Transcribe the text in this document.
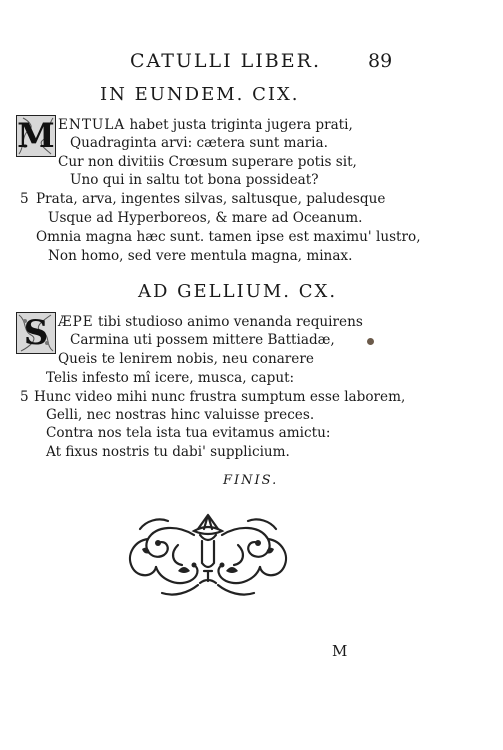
CATULLI LIBER. 89
IN EUNDEM. CIX.
M ENTULA habet justa triginta jugera prati,
Quadraginta arvi: cætera sunt maria.
Cur non divitiis Crœsum superare potis sit,
Uno qui in saltu tot bona possideat?
5 Prata, arva, ingentes silvas, saltusque, paludesque
Usque ad Hyperboreos, & mare ad Oceanum.
Omnia magna hæc sunt. tamen ipse est maximu' lustro,
Non homo, sed vere mentula magna, minax.
AD GELLIUM. CX.
S ÆPE tibi studioso animo venanda requirens
Carmina uti possem mittere Battiadæ,
Queis te lenirem nobis, neu conarere
Telis infesto mî icere, musca, caput:
5 Hunc video mihi nunc frustra sumptum esse laborem,
Gelli, nec nostras hinc valuisse preces.
Contra nos tela ista tua evitamus amictu:
At fixus nostris tu dabi' supplicium.
FINIS.
M
